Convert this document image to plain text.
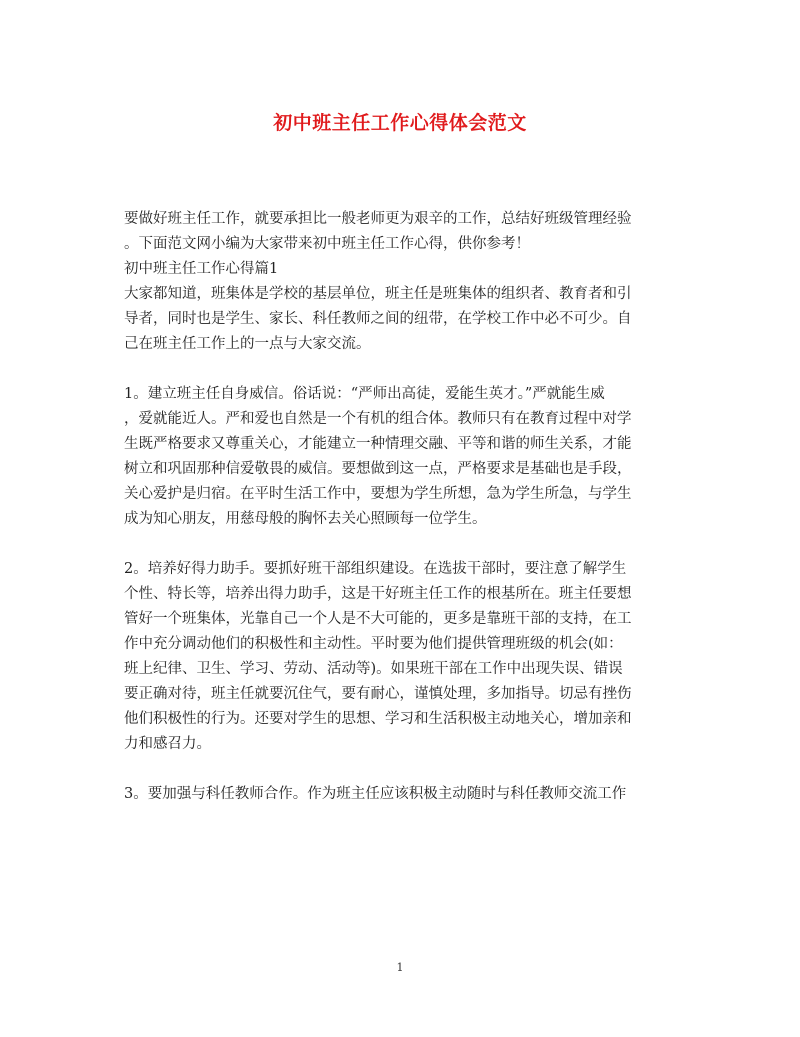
初中班主任工作心得体会范文

要做好班主任工作，就要承担比一般老师更为艰辛的工作，总结好班级管理经验

。下面范文网小编为大家带来初中班主任工作心得，供你参考！

初中班主任工作心得篇1

大家都知道，班集体是学校的基层单位，班主任是班集体的组织者、教育者和引

导者，同时也是学生、家长、科任教师之间的纽带，在学校工作中必不可少。自

己在班主任工作上的一点与大家交流。

1。建立班主任自身威信。俗话说：“严师出高徒，爱能生英才。”严就能生威

，爱就能近人。严和爱也自然是一个有机的组合体。教师只有在教育过程中对学

生既严格要求又尊重关心，才能建立一种情理交融、平等和谐的师生关系，才能

树立和巩固那种信爱敬畏的威信。要想做到这一点，严格要求是基础也是手段，

关心爱护是归宿。在平时生活工作中，要想为学生所想，急为学生所急，与学生

成为知心朋友，用慈母般的胸怀去关心照顾每一位学生。

2。培养好得力助手。要抓好班干部组织建设。在选拔干部时，要注意了解学生

个性、特长等，培养出得力助手，这是干好班主任工作的根基所在。班主任要想

管好一个班集体，光靠自己一个人是不大可能的，更多是靠班干部的支持，在工

作中充分调动他们的积极性和主动性。平时要为他们提供管理班级的机会(如：

班上纪律、卫生、学习、劳动、活动等)。如果班干部在工作中出现失误、错误

要正确对待，班主任就要沉住气，要有耐心，谨慎处理，多加指导。切忌有挫伤

他们积极性的行为。还要对学生的思想、学习和生活积极主动地关心，增加亲和

力和感召力。

3。要加强与科任教师合作。作为班主任应该积极主动随时与科任教师交流工作

1
